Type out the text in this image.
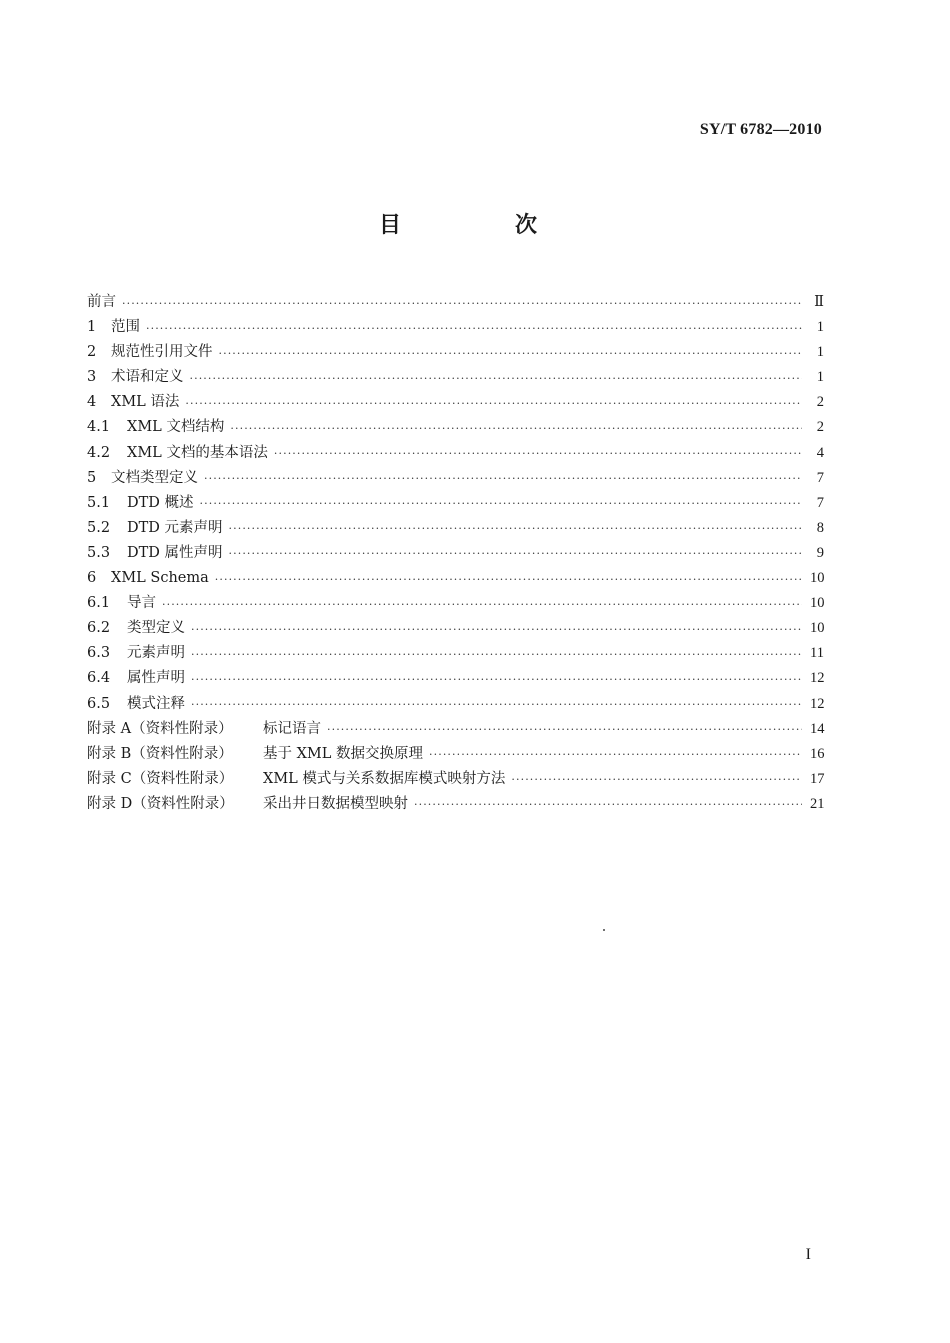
SY/T 6782—2010
目　次
前言 ·····	Ⅱ
1	范围 ·····	1
2	规范性引用文件 ·····	1
3	术语和定义 ·····	1
4	XML 语法 ·····	2
4.1	XML 文档结构 ·····	2
4.2	XML 文档的基本语法 ·····	4
5	文档类型定义 ·····	7
5.1	DTD 概述 ·····	7
5.2	DTD 元素声明 ·····	8
5.3	DTD 属性声明 ·····	9
6	XML Schema ·····	10
6.1	导言 ·····	10
6.2	类型定义 ·····	10
6.3	元素声明 ·····	11
6.4	属性声明 ·····	12
6.5	模式注释 ·····	12
附录 A（资料性附录）	标记语言 ·····	14
附录 B（资料性附录）	基于 XML 数据交换原理 ·····	16
附录 C（资料性附录）	XML 模式与关系数据库模式映射方法 ·····	17
附录 D（资料性附录）	采出井日数据模型映射 ·····	21
I
